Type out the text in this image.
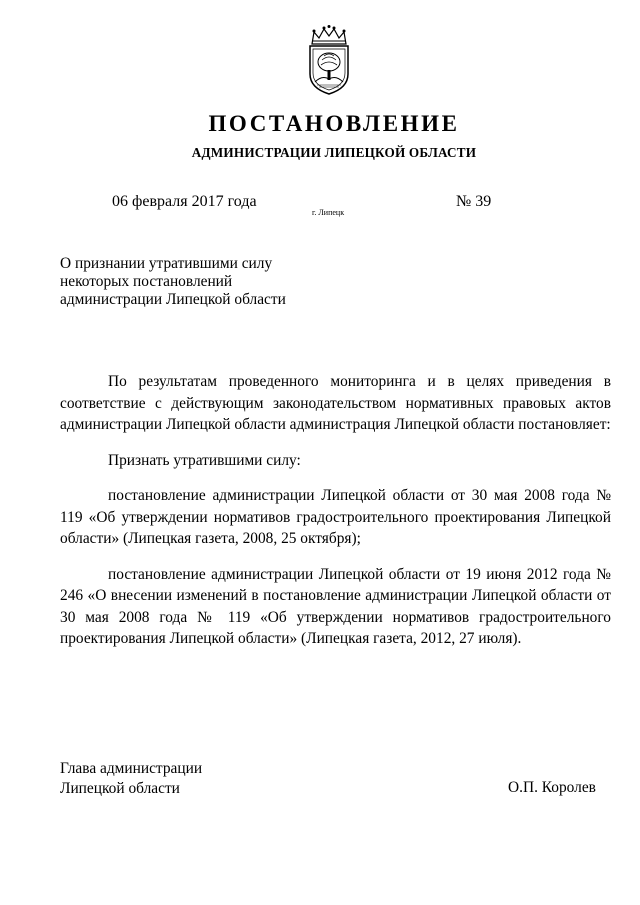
ПОСТАНОВЛЕНИЕ
АДМИНИСТРАЦИИ ЛИПЕЦКОЙ ОБЛАСТИ
06 февраля 2017 года
г. Липецк
№ 39
О признании утратившими силу
некоторых постановлений
администрации Липецкой области

По результатам проведенного мониторинга и в целях приведения в соответствие с действующим законодательством нормативных правовых актов администрации Липецкой области администрация Липецкой области постановляет:

Признать утратившими силу:

постановление администрации Липецкой области от 30 мая 2008 года № 119 «Об утверждении нормативов градостроительного проектирования Липецкой области» (Липецкая газета, 2008, 25 октября);

постановление администрации Липецкой области от 19 июня 2012 года № 246 «О внесении изменений в постановление администрации Липецкой области от 30 мая 2008 года № 119 «Об утверждении нормативов градостроительного проектирования Липецкой области» (Липецкая газета, 2012, 27 июля).

Глава администрации
Липецкой области	О.П. Королев
